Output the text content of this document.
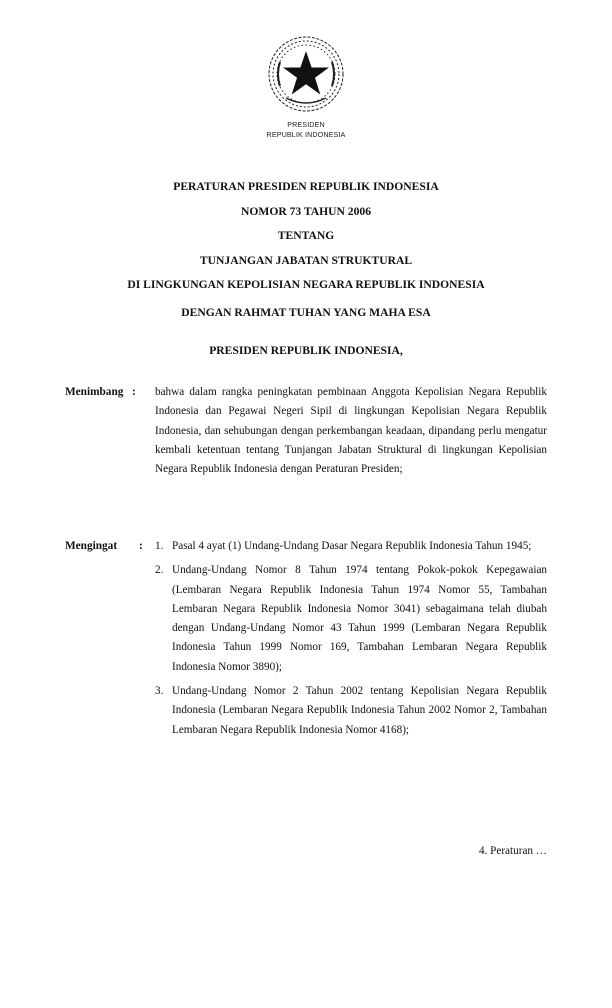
PRESIDEN
REPUBLIK INDONESIA
PERATURAN PRESIDEN REPUBLIK INDONESIA
NOMOR 73 TAHUN 2006
TENTANG
TUNJANGAN JABATAN STRUKTURAL
DI LINGKUNGAN KEPOLISIAN NEGARA REPUBLIK INDONESIA
DENGAN RAHMAT TUHAN YANG MAHA ESA
PRESIDEN REPUBLIK INDONESIA,
Menimbang : bahwa dalam rangka peningkatan pembinaan Anggota Kepolisian Negara Republik Indonesia dan Pegawai Negeri Sipil di lingkungan Kepolisian Negara Republik Indonesia, dan sehubungan dengan perkembangan keadaan, dipandang perlu mengatur kembali ketentuan tentang Tunjangan Jabatan Struktural di lingkungan Kepolisian Negara Republik Indonesia dengan Peraturan Presiden;
Mengingat : 1. Pasal 4 ayat (1) Undang-Undang Dasar Negara Republik Indonesia Tahun 1945;
2. Undang-Undang Nomor 8 Tahun 1974 tentang Pokok-pokok Kepegawaian (Lembaran Negara Republik Indonesia Tahun 1974 Nomor 55, Tambahan Lembaran Negara Republik Indonesia Nomor 3041) sebagaimana telah diubah dengan Undang-Undang Nomor 43 Tahun 1999 (Lembaran Negara Republik Indonesia Tahun 1999 Nomor 169, Tambahan Lembaran Negara Republik Indonesia Nomor 3890);
3. Undang-Undang Nomor 2 Tahun 2002 tentang Kepolisian Negara Republik Indonesia (Lembaran Negara Republik Indonesia Tahun 2002 Nomor 2, Tambahan Lembaran Negara Republik Indonesia Nomor 4168);
4. Peraturan …
